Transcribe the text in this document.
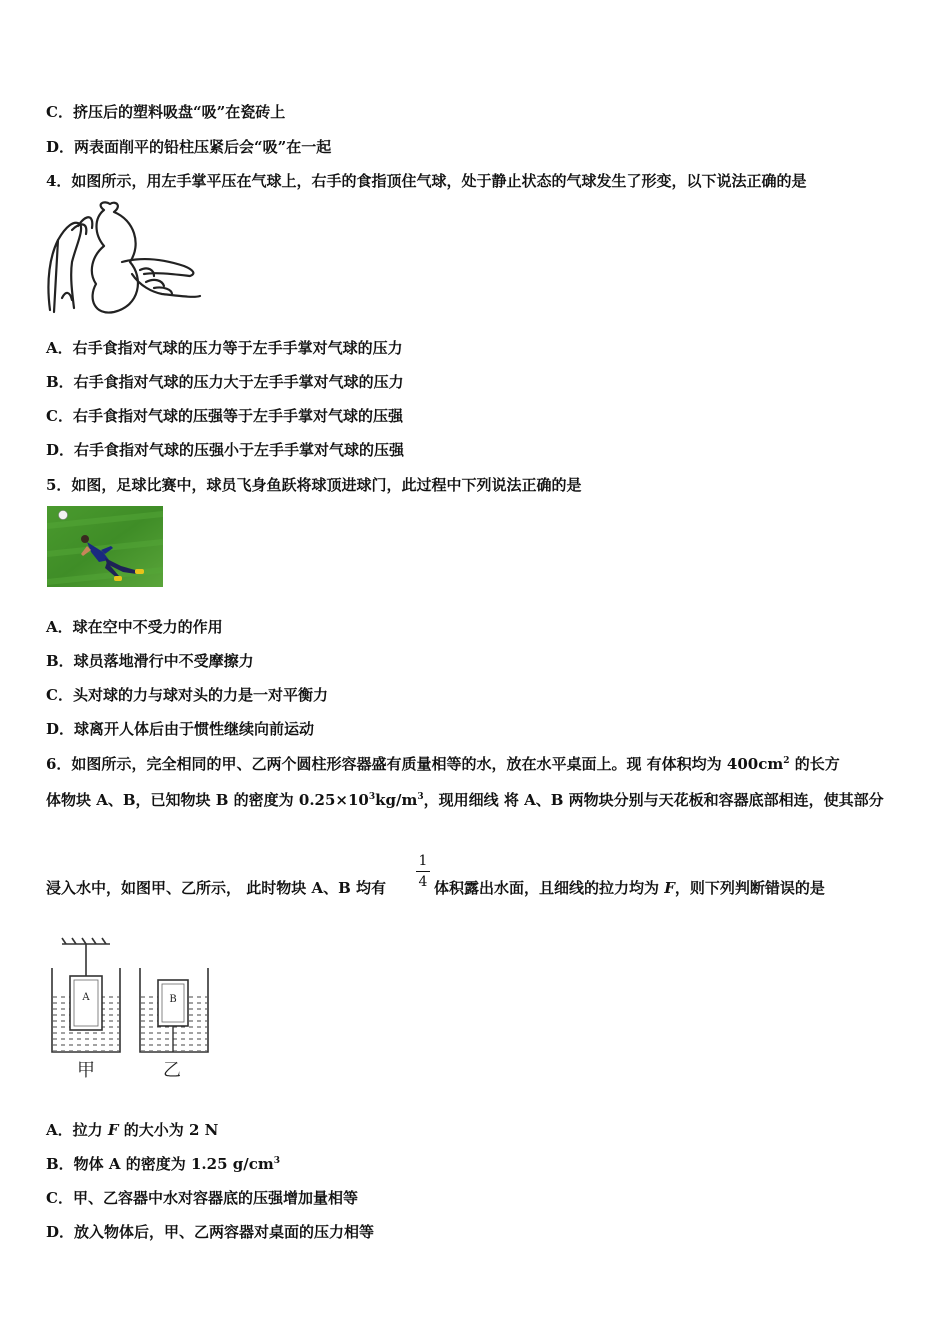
C．挤压后的塑料吸盘“吸”在瓷砖上
D．两表面削平的铅柱压紧后会“吸”在一起
4．如图所示，用左手掌平压在气球上，右手的食指顶住气球，处于静止状态的气球发生了形变，以下说法正确的是
A．右手食指对气球的压力等于左手手掌对气球的压力
B．右手食指对气球的压力大于左手手掌对气球的压力
C．右手食指对气球的压强等于左手手掌对气球的压强
D．右手食指对气球的压强小于左手手掌对气球的压强
5．如图，足球比赛中，球员飞身鱼跃将球顶进球门，此过程中下列说法正确的是
A．球在空中不受力的作用
B．球员落地滑行中不受摩擦力
C．头对球的力与球对头的力是一对平衡力
D．球离开人体后由于惯性继续向前运动
6．如图所示，完全相同的甲、乙两个圆柱形容器盛有质量相等的水，放在水平桌面上。现 有体积均为 $400cm^2$ 的长方
体物块 A、B，已知物块 B 的密度为 $0.25\times 10^3kg/m^3$，现用细线 将 A、B 两物块分别与天花板和容器底部相连，使其部分
浸入水中，如图甲、乙所示， 此时物块 A、B 均有
1
4 体积露出水面，且细线的拉力均为 F，则下列判断错误的是
A	B
甲	乙
A．拉力 F 的大小为 2 N
B．物体 A 的密度为 1.25 $g/cm^3$
C．甲、乙容器中水对容器底的压强增加量相等
D．放入物体后，甲、乙两容器对桌面的压力相等
